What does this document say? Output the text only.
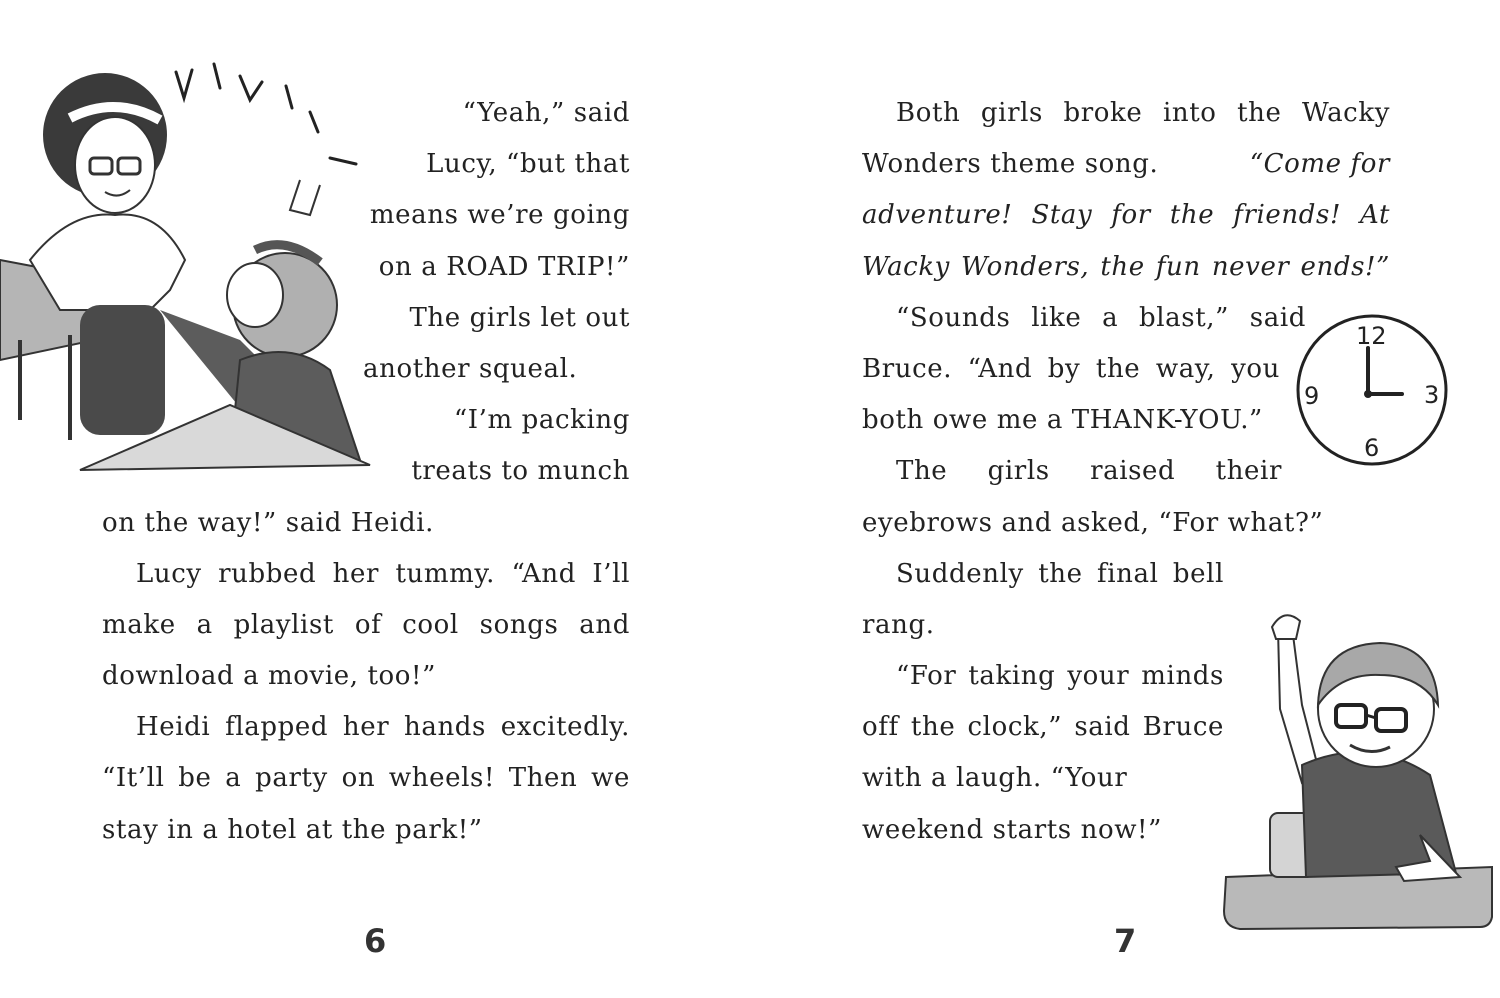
“Yeah,” said
Lucy, “but that
means we’re going
on a ROAD TRIP!”
The girls let out
another squeal.
“I’m packing
treats to munch
on the way!” said Heidi.
Lucy rubbed her tummy. “And I’ll
make a playlist of cool songs and
download a movie, too!”
Heidi flapped her hands excitedly.
“It’ll be a party on wheels! Then we
stay in a hotel at the park!”
6
Both girls broke into the Wacky
Wonders theme song.	“Come for
adventure! Stay for the friends! At
Wacky Wonders, the fun never ends!”
“Sounds like a blast,” said
Bruce. “And by the way, you
both owe me a THANK-YOU.”
The girls raised their
eyebrows and asked, “For what?”
Suddenly the final bell
rang.
“For taking your minds
off the clock,” said Bruce
with a laugh. “Your
weekend starts now!”
12
3
6
9
7
